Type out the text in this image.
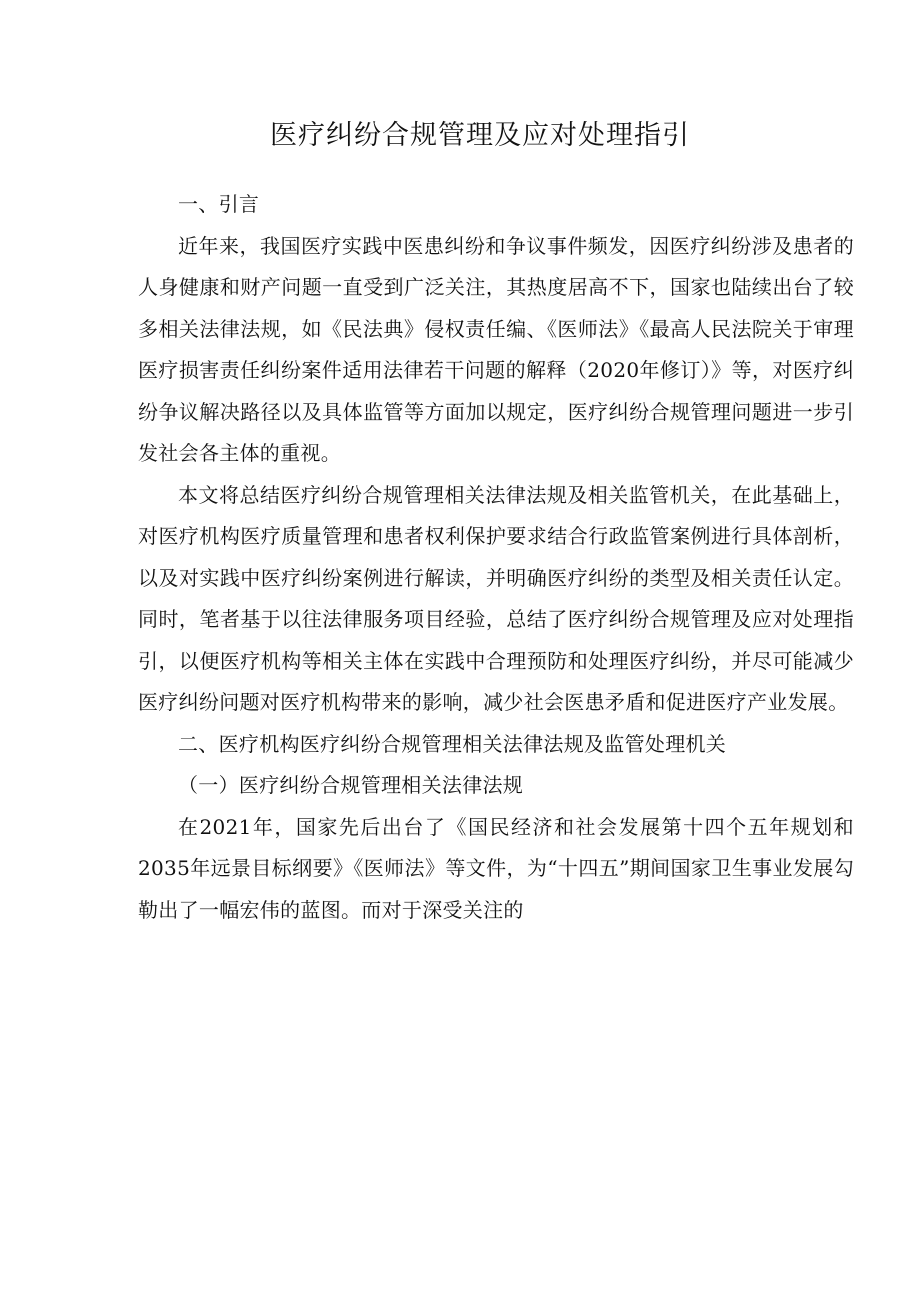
医疗纠纷合规管理及应对处理指引

一、引言

近年来，我国医疗实践中医患纠纷和争议事件频发，因医疗纠纷涉及患者的人身健康和财产问题一直受到广泛关注，其热度居高不下，国家也陆续出台了较多相关法律法规，如《民法典》侵权责任编、《医师法》《最高人民法院关于审理医疗损害责任纠纷案件适用法律若干问题的解释（2020年修订）》等，对医疗纠纷争议解决路径以及具体监管等方面加以规定，医疗纠纷合规管理问题进一步引发社会各主体的重视。

本文将总结医疗纠纷合规管理相关法律法规及相关监管机关，在此基础上，对医疗机构医疗质量管理和患者权利保护要求结合行政监管案例进行具体剖析，以及对实践中医疗纠纷案例进行解读，并明确医疗纠纷的类型及相关责任认定。同时，笔者基于以往法律服务项目经验，总结了医疗纠纷合规管理及应对处理指引，以便医疗机构等相关主体在实践中合理预防和处理医疗纠纷，并尽可能减少医疗纠纷问题对医疗机构带来的影响，减少社会医患矛盾和促进医疗产业发展。

二、医疗机构医疗纠纷合规管理相关法律法规及监管处理机关

（一）医疗纠纷合规管理相关法律法规

在2021年，国家先后出台了《国民经济和社会发展第十四个五年规划和2035年远景目标纲要》《医师法》等文件，为“十四五”期间国家卫生事业发展勾勒出了一幅宏伟的蓝图。而对于深受关注的
